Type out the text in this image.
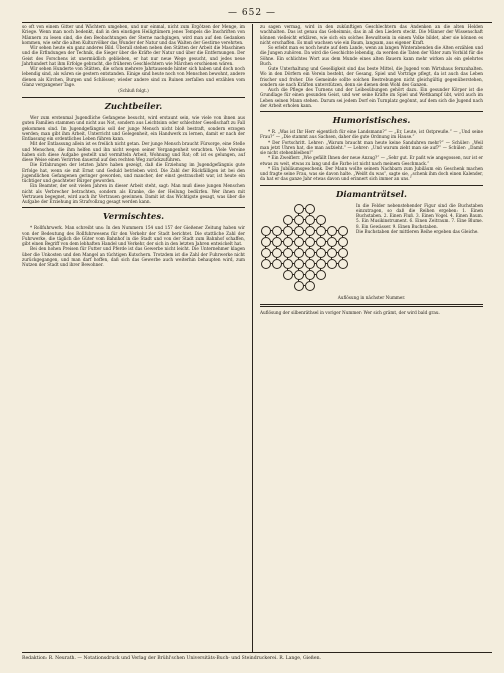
— 652 —

so oft von einem Gitter und Wächtern umgeben, und nur einmal, nicht zum Ergötzen der Menge, im Kriege. Wenn man noch bedenkt, daß in den einstigen Heiligtümern jenes Tempels die Inschriften von Männern zu lesen sind, die den Beobachtungen der Sterne nachgingen, wird man auf den Gedanken kommen, wie sehr die alten Kulturvölker das Wunder der Natur und das Walten der Gestirne verehrten.

Wir sehen heute ein ganz anderes Bild. Überall stehen neben den Stätten der Arbeit die Maschinen und die Erfindungen der Technik, die Sieger über die Kräfte der Natur und über die Entfernungen. Der Geist des Forschens ist unermüdlich geblieben, er hat nur neue Wege gesucht, und jedes neue Jahrhundert hat ihm Erfolge gebracht, die früheren Geschlechtern wie Märchen erschienen wären.

Wir sehen Hunderte von Stätten, die schon mehrere Jahrtausende hinter sich haben und doch noch lebendig sind, als wären sie gestern entstanden. Einige sind heute noch von Menschen bewohnt, andere dienen als Kirchen, Burgen und Schlösser; wieder andere sind zu Ruinen zerfallen und erzählen vom Glanz vergangener Tage.

(Schluß folgt.)
Zuchtbeiler.

Wer zum erstenmal Jugendliche Gefangene besucht, wird erstaunt sein, wie viele von ihnen aus guten Familien stammen und nicht aus Not, sondern aus Leichtsinn oder schlechter Gesellschaft zu Fall gekommen sind. Im Jugendgefängnis soll der junge Mensch nicht bloß bestraft, sondern erzogen werden; man gibt ihm Arbeit, Unterricht und Gelegenheit, ein Handwerk zu lernen, damit er nach der Entlassung ein ordentliches Leben führen kann.

Mit der Entlassung allein ist es freilich nicht getan. Der junge Mensch braucht Fürsorge, eine Stelle und Menschen, die ihm helfen und ihn nicht wegen seiner Vergangenheit verachten. Viele Vereine haben sich diese Aufgabe gestellt und vermitteln Arbeit, Wohnung und Rat; oft ist es gelungen, auf diese Weise einen Verirrten dauernd auf den rechten Weg zurückzuführen.

Die Erfahrungen der letzten Jahre haben gezeigt, daß die Erziehung im Jugendgefängnis gute Erfolge hat, wenn sie mit Ernst und Geduld betrieben wird. Die Zahl der Rückfälligen ist bei den jugendlichen Gefangenen geringer geworden, und mancher, der einst gestrauchelt war, ist heute ein tüchtiger und geachteter Bürger geworden.

Ein Beamter, der seit vielen Jahren in dieser Arbeit steht, sagt: Man muß diese jungen Menschen nicht als Verbrecher betrachten, sondern als Kranke, die der Heilung bedürfen. Wer ihnen mit Vertrauen begegnet, wird auch ihr Vertrauen gewinnen. Damit ist das Wichtigste gesagt, was über die Aufgabe der Erziehung im Strafvollzug gesagt werden kann.

Vermischtes.

* Rollfuhrwerk. Man schreibt uns: In den Nummern 154 und 157 der Gießener Zeitung haben wir von der Bedeutung des Rollfuhrwesens für den Verkehr der Stadt berichtet. Die stattliche Zahl der Fuhrwerke, die täglich die Güter vom Bahnhof in die Stadt und von der Stadt zum Bahnhof schaffen, gibt einen Begriff von dem lebhaften Handel und Verkehr, der sich in den letzten Jahren entwickelt hat.

Bei den hohen Preisen für Futter und Pferde ist das Gewerbe nicht leicht. Die Unternehmer klagen über die Unkosten und den Mangel an tüchtigen Kutschern. Trotzdem ist die Zahl der Fuhrwerke nicht zurückgegangen, und man darf hoffen, daß sich das Gewerbe auch weiterhin behaupten wird, zum Nutzen der Stadt und ihrer Bewohner.

zu sagen vermag, wird in den zukünftigen Geschlechtern das Andenken an die alten Helden wachhalten. Das ist genau das Geheimnis, das in all den Liedern steckt. Die Männer der Wissenschaft können vielleicht erklären, wie sich ein solches Bewußtsein in einem Volke bildet, aber sie können es nicht erschaffen. Es muß wachsen wie ein Baum, langsam, aus eigener Kraft.

So erlebt man es noch heute auf dem Lande, wenn an langen Winterabenden die Alten erzählen und die Jungen zuhören. Da wird die Geschichte lebendig, da werden die Taten der Väter zum Vorbild für die Söhne. Ein schlichtes Wort aus dem Munde eines alten Bauern kann mehr wirken als ein gelehrtes Buch.

Gute Unterhaltung und Geselligkeit sind das beste Mittel, die Jugend vom Wirtshaus fernzuhalten. Wo in den Dörfern ein Verein besteht, der Gesang, Spiel und Vorträge pflegt, da ist auch das Leben frischer und froher. Die Gemeinde sollte solchen Bestrebungen nicht gleichgültig gegenüberstehen, sondern sie nach Kräften unterstützen, denn sie dienen dem Wohl des Ganzen.

Auch die Pflege des Turnens und der Leibesübungen gehört dazu. Ein gesunder Körper ist die Grundlage für einen gesunden Geist, und wer seine Kräfte im Spiel und Wettkampf übt, wird auch im Leben seinen Mann stehen. Darum sei jedem Dorf ein Turnplatz gegönnt, auf dem sich die Jugend nach der Arbeit erholen kann.

Humoristisches.

* R. „Was ist Ihr Herr eigentlich für eine Landsmann?“ — „Er, Leute, ist Ostpreuße.“ — „Und seine Frau?“ — „Die stammt aus Sachsen, daher die gute Ordnung im Hause.“

* Der Fortschritt. Lehrer: „Warum braucht man heute keine Sanduhren mehr?“ — Schüler: „Weil man jetzt Uhren hat, die man aufzieht.“ — Lehrer: „Und warum zieht man sie auf?“ — Schüler: „Damit sie nicht stehenbleiben!“

* Ein Zweiflerr. „Wie gefällt Ihnen der neue Anzug?“ — „Sehr gut. Er paßt wie angegossen, nur ist er etwas zu weit, etwas zu lang und die Farbe ist nicht nach meinem Geschmack.“

* Ein Jubiläumsgeschenk. Der Mann wollte seinem Nachbarn zum Jubiläum ein Geschenk machen und fragte seine Frau, was sie davon halte. „Weißt du was“, sagte sie, „schenk ihm doch einen Kalender, da hat er das ganze Jahr etwas davon und erinnert sich immer an uns.“

Diamanträtsel.

In die Felder nebenstehender Figur sind die Buchstaben einzutragen, so daß die Reihen ergeben: 1. Einen Buchstaben. 2. Einen Fluß. 3. Einen Vogel. 4. Einen Baum. 5. Ein Musikinstrument. 6. Einen Zeitraum. 7. Eine Blume. 8. Ein Gewässer. 9. Einen Buchstaben.

Die Buchstaben der mittleren Reihe ergeben das Gleiche.

Auflösung in nächster Nummer.

Auflösung der silbenräthsel in voriger Nummer: Wer sich grämt, der wird bald grau.

Redaktion: R. Neurath. — Notationsdruck und Verlag der Brühl'schen Universitäts-Buch- und Steindruckerei. R. Lange, Gießen.
